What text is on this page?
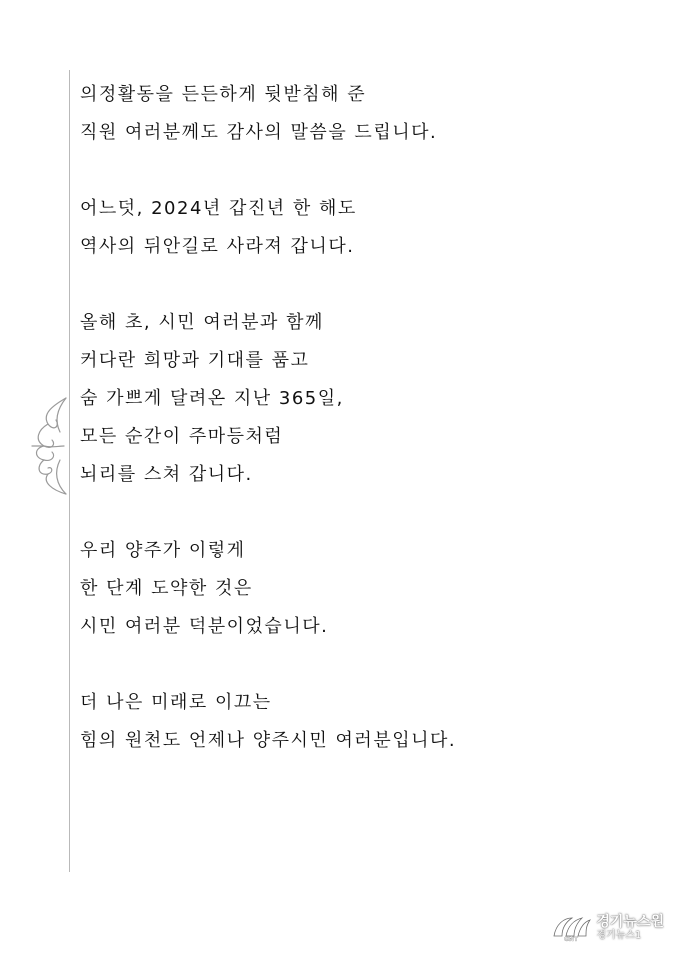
의정활동을 든든하게 뒷받침해 준
직원 여러분께도 감사의 말씀을 드립니다.
어느덧, 2024년 갑진년 한 해도
역사의 뒤안길로 사라져 갑니다.
올해 초, 시민 여러분과 함께
커다란 희망과 기대를 품고
숨 가쁘게 달려온 지난 365일,
모든 순간이 주마등처럼
뇌리를 스쳐 갑니다.
우리 양주가 이렇게
한 단계 도약한 것은
시민 여러분 덕분이었습니다.
더 나은 미래로 이끄는
힘의 원천도 언제나 양주시민 여러분입니다.
GNT
경기뉴스원
경기뉴스1
